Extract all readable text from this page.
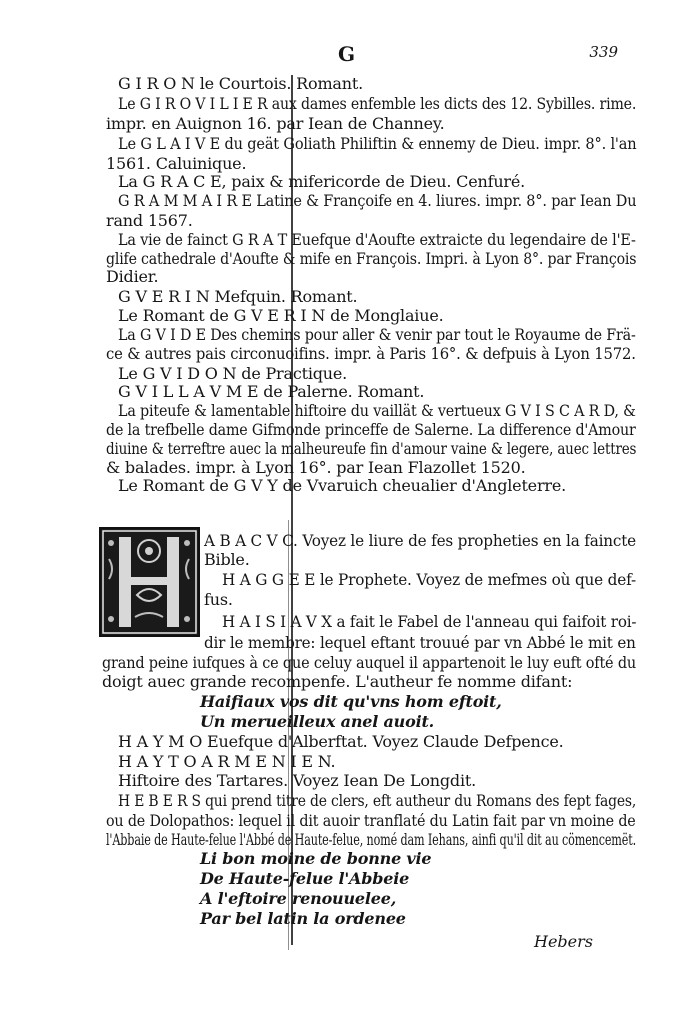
G	339
G I R O N le Courtois. Romant.
Le G I R O V I L I E R aux dames enfemble les dicts des 12. Sybilles. rime.
impr. en Auignon 16. par Iean de Channey.
Le G L A I V E du geät Goliath Philiftin & ennemy de Dieu. impr. 8°. l'an
1561. Caluinique.
La G R A C E, paix & mifericorde de Dieu. Cenfuré.
G R A M M A I R E Latine & Françoife en 4. liures. impr. 8°. par Iean Du
rand 1567.
La vie de fainct G R A T Euefque d'Aoufte extraicte du legendaire de l'E-
glife cathedrale d'Aoufte & mife en François. Impri. à Lyon 8°. par François
Didier.
G V E R I N Mefquin. Romant.
Le Romant de G V E R I N de Monglaiue.
La G V I D E Des chemins pour aller & venir par tout le Royaume de Frä-
ce & autres pais circonuoifins. impr. à Paris 16°. & defpuis à Lyon 1572.
Le G V I D O N de Practique.
G V I L L A V M E de Palerne. Romant.
La piteufe & lamentable hiftoire du vaillät & vertueux G V I S C A R D, &
de la trefbelle dame Gifmonde princeffe de Salerne. La difference d'Amour
diuine & terreftre auec la malheureufe fin d'amour vaine & legere, auec lettres
& balades. impr. à Lyon 16°. par Iean Flazollet 1520.
Le Romant de G V Y de Vvaruich cheualier d'Angleterre.
A B A C V C. Voyez le liure de fes propheties en la faincte
Bible.
H A G G E E le Prophete. Voyez de mefmes où que def-
fus.
H A I S I A V X a fait le Fabel de l'anneau qui faifoit roi-
dir le membre: lequel eftant trouué par vn Abbé le mit en
grand peine iufques à ce que celuy auquel il appartenoit le luy euft ofté du
doigt auec grande recompenfe. L'autheur fe nomme difant:
Haifiaux vos dit qu'vns hom eftoit,
Un merueilleux anel auoit.
H A Y M O Euefque d'Alberftat. Voyez Claude Defpence.
H A Y T O A R M E N I E N.
Hiftoire des Tartares. Voyez Iean De Longdit.
H E B E R S qui prend titre de clers, eft autheur du Romans des fept fages,
ou de Dolopathos: lequel il dit auoir tranflaté du Latin fait par vn moine de
l'Abbaie de Haute-felue l'Abbé de Haute-felue, nomé dam Iehans, ainfi qu'il dit au cömencemët.
Li bon moine de bonne vie
De Haute-felue l'Abbeie
A l'eftoire renouuelee,
Par bel latin la ordenee
Hebers
